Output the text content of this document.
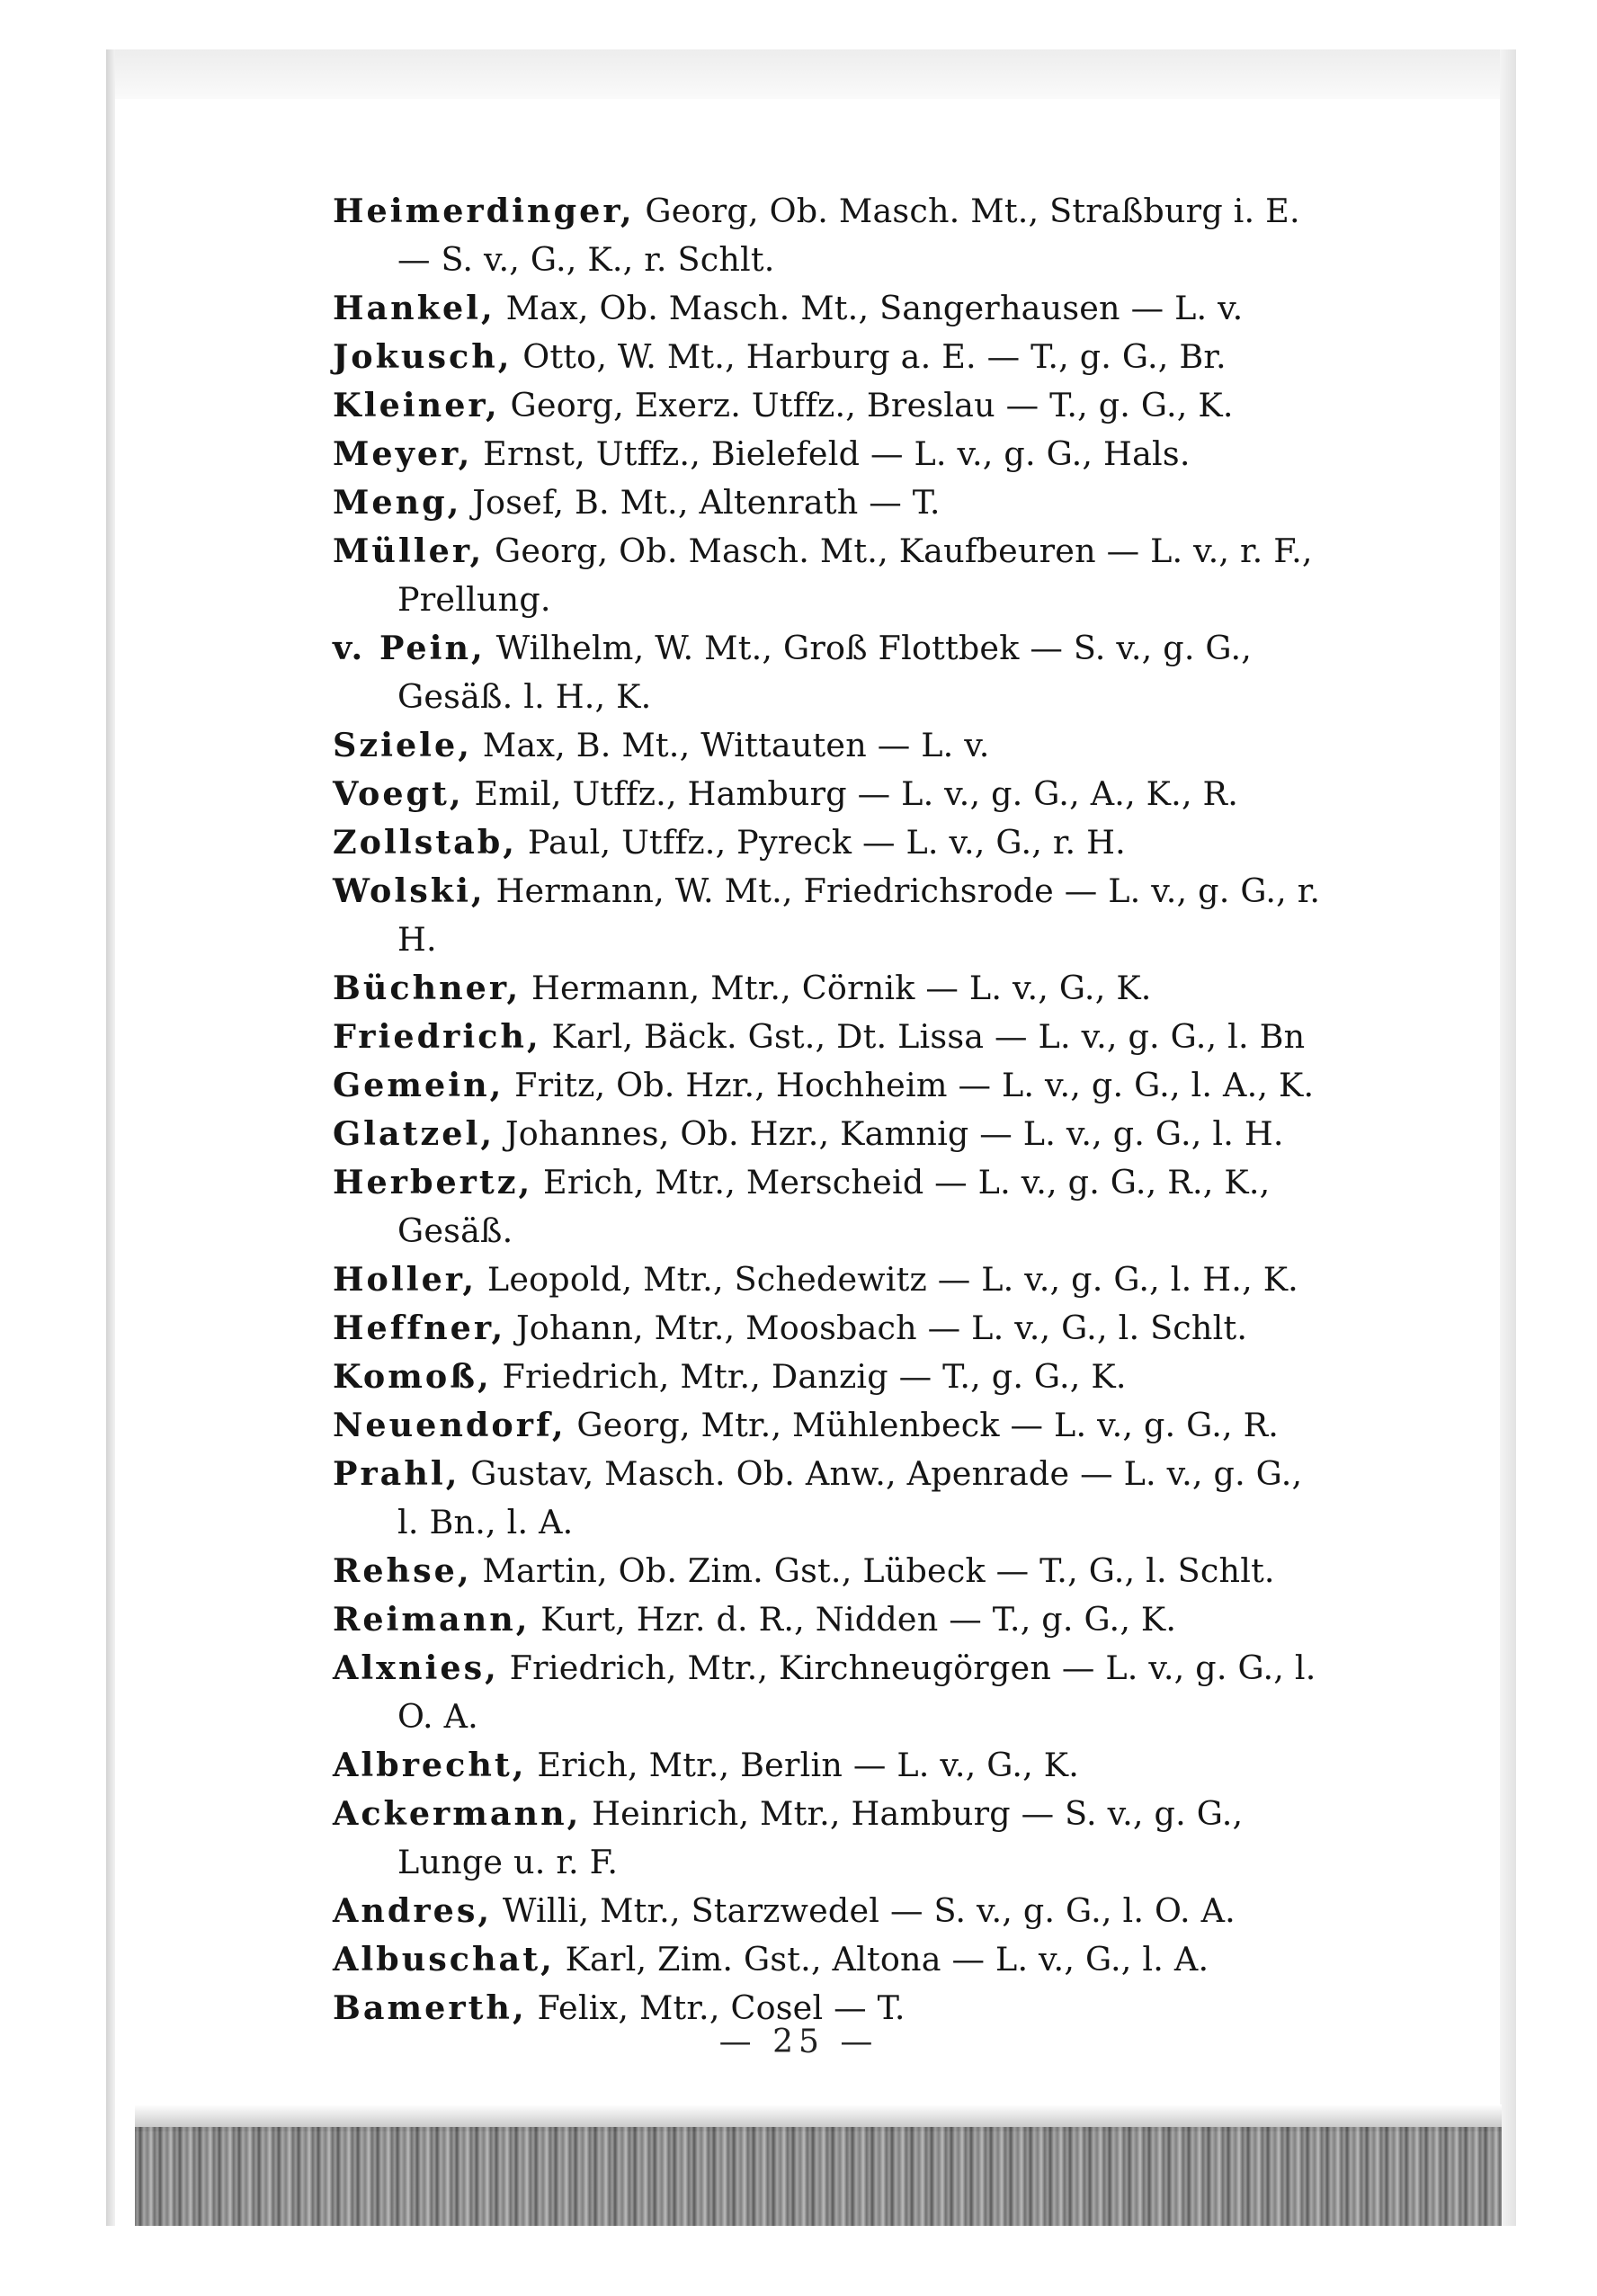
Heimerdinger, Georg, Ob. Masch. Mt., Straßburg i. E. — S. v., G., K., r. Schlt.
Hankel, Max, Ob. Masch. Mt., Sangerhausen — L. v.
Jokusch, Otto, W. Mt., Harburg a. E. — T., g. G., Br.
Kleiner, Georg, Exerz. Utffz., Breslau — T., g. G., K.
Meyer, Ernst, Utffz., Bielefeld — L. v., g. G., Hals.
Meng, Josef, B. Mt., Altenrath — T.
Müller, Georg, Ob. Masch. Mt., Kaufbeuren — L. v., r. F., Prellung.
v. Pein, Wilhelm, W. Mt., Groß Flottbek — S. v., g. G., Gesäß. l. H., K.
Sziele, Max, B. Mt., Wittauten — L. v.
Voegt, Emil, Utffz., Hamburg — L. v., g. G., A., K., R.
Zollstab, Paul, Utffz., Pyreck — L. v., G., r. H.
Wolski, Hermann, W. Mt., Friedrichsrode — L. v., g. G., r. H.
Büchner, Hermann, Mtr., Cörnik — L. v., G., K.
Friedrich, Karl, Bäck. Gst., Dt. Lissa — L. v., g. G., l. Bn
Gemein, Fritz, Ob. Hzr., Hochheim — L. v., g. G., l. A., K.
Glatzel, Johannes, Ob. Hzr., Kamnig — L. v., g. G., l. H.
Herbertz, Erich, Mtr., Merscheid — L. v., g. G., R., K., Gesäß.
Holler, Leopold, Mtr., Schedewitz — L. v., g. G., l. H., K.
Heffner, Johann, Mtr., Moosbach — L. v., G., l. Schlt.
Komoß, Friedrich, Mtr., Danzig — T., g. G., K.
Neuendorf, Georg, Mtr., Mühlenbeck — L. v., g. G., R.
Prahl, Gustav, Masch. Ob. Anw., Apenrade — L. v., g. G., l. Bn., l. A.
Rehse, Martin, Ob. Zim. Gst., Lübeck — T., G., l. Schlt.
Reimann, Kurt, Hzr. d. R., Nidden — T., g. G., K.
Alxnies, Friedrich, Mtr., Kirchneugörgen — L. v., g. G., l. O. A.
Albrecht, Erich, Mtr., Berlin — L. v., G., K.
Ackermann, Heinrich, Mtr., Hamburg — S. v., g. G., Lunge u. r. F.
Andres, Willi, Mtr., Starzwedel — S. v., g. G., l. O. A.
Albuschat, Karl, Zim. Gst., Altona — L. v., G., l. A.
Bamerth, Felix, Mtr., Cosel — T.
— 25 —
